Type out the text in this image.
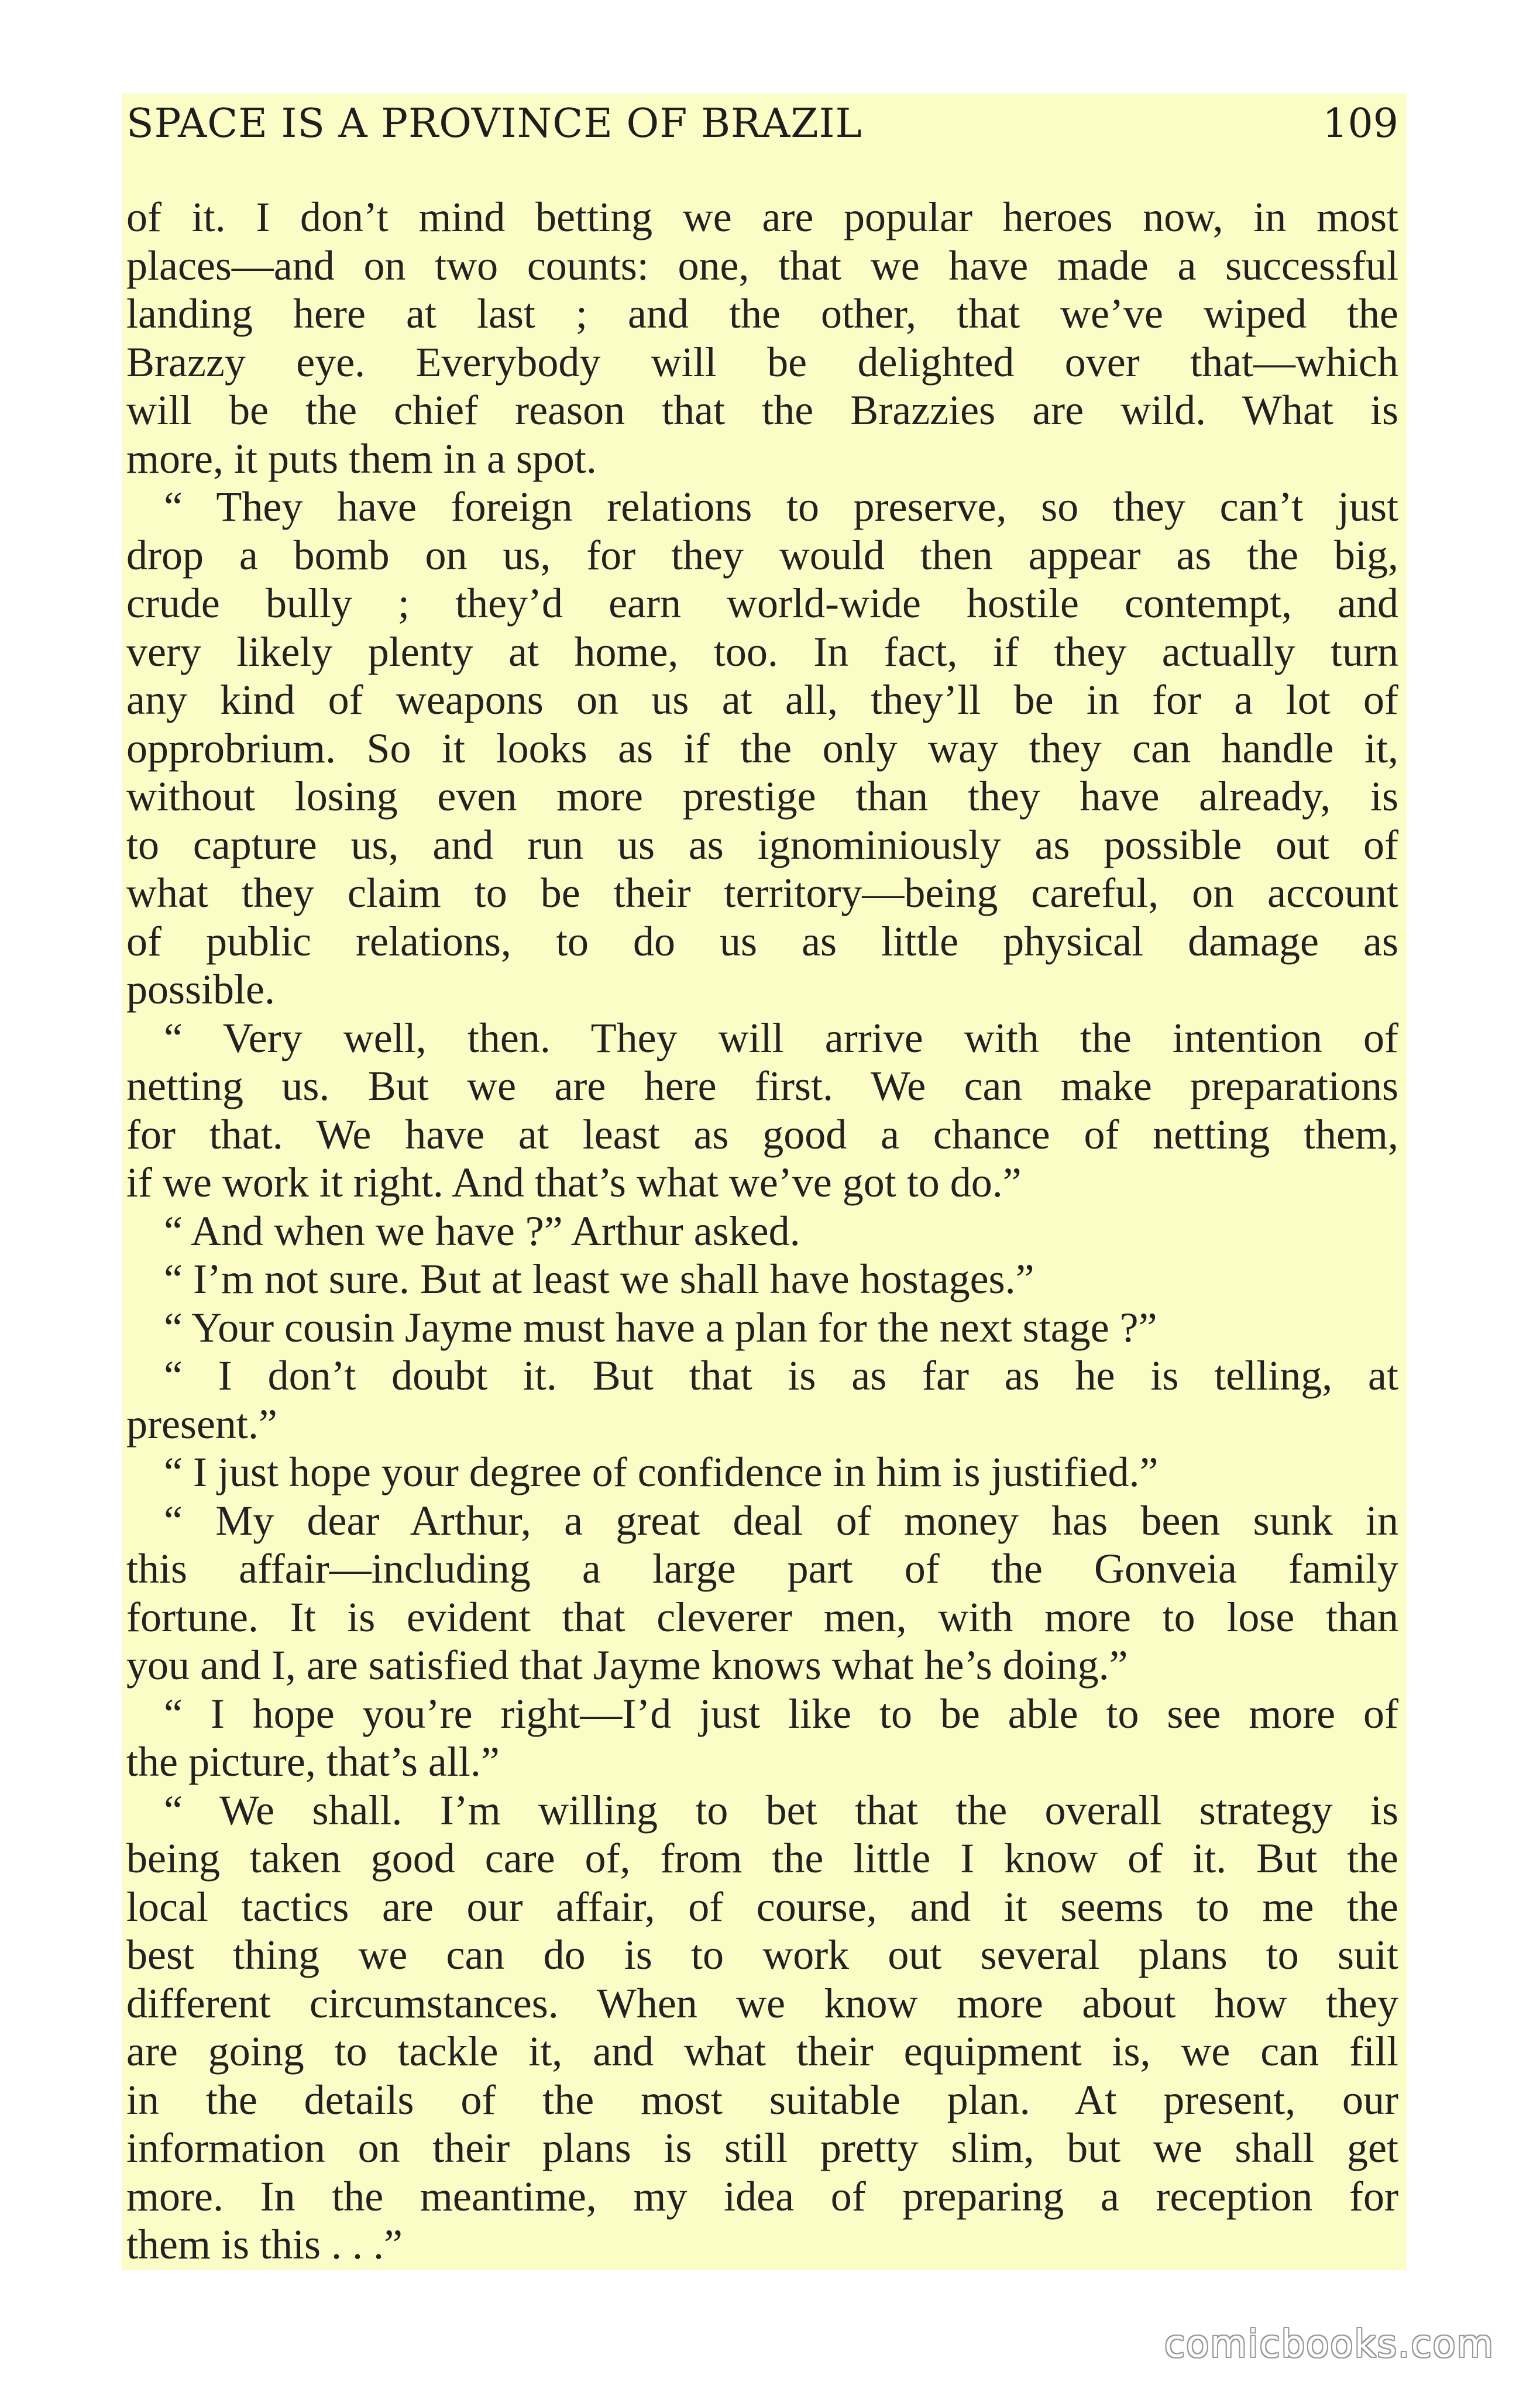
SPACE IS A PROVINCE OF BRAZIL	109
of it. I don’t mind betting we are popular heroes now, in most
places—and on two counts: one, that we have made a successful
landing here at last ; and the other, that we’ve wiped the
Brazzy eye. Everybody will be delighted over that—which
will be the chief reason that the Brazzies are wild. What is
more, it puts them in a spot.
“ They have foreign relations to preserve, so they can’t just
drop a bomb on us, for they would then appear as the big,
crude bully ; they’d earn world-wide hostile contempt, and
very likely plenty at home, too. In fact, if they actually turn
any kind of weapons on us at all, they’ll be in for a lot of
opprobrium. So it looks as if the only way they can handle it,
without losing even more prestige than they have already, is
to capture us, and run us as ignominiously as possible out of
what they claim to be their territory—being careful, on account
of public relations, to do us as little physical damage as
possible.
“ Very well, then. They will arrive with the intention of
netting us. But we are here first. We can make preparations
for that. We have at least as good a chance of netting them,
if we work it right. And that’s what we’ve got to do.”
“ And when we have ?” Arthur asked.
“ I’m not sure. But at least we shall have hostages.”
“ Your cousin Jayme must have a plan for the next stage ?”
“ I don’t doubt it. But that is as far as he is telling, at
present.”
“ I just hope your degree of confidence in him is justified.”
“ My dear Arthur, a great deal of money has been sunk in
this affair—including a large part of the Gonveia family
fortune. It is evident that cleverer men, with more to lose than
you and I, are satisfied that Jayme knows what he’s doing.”
“ I hope you’re right—I’d just like to be able to see more of
the picture, that’s all.”
“ We shall. I’m willing to bet that the overall strategy is
being taken good care of, from the little I know of it. But the
local tactics are our affair, of course, and it seems to me the
best thing we can do is to work out several plans to suit
different circumstances. When we know more about how they
are going to tackle it, and what their equipment is, we can fill
in the details of the most suitable plan. At present, our
information on their plans is still pretty slim, but we shall get
more. In the meantime, my idea of preparing a reception for
them is this . . .”
comicbooks.com
